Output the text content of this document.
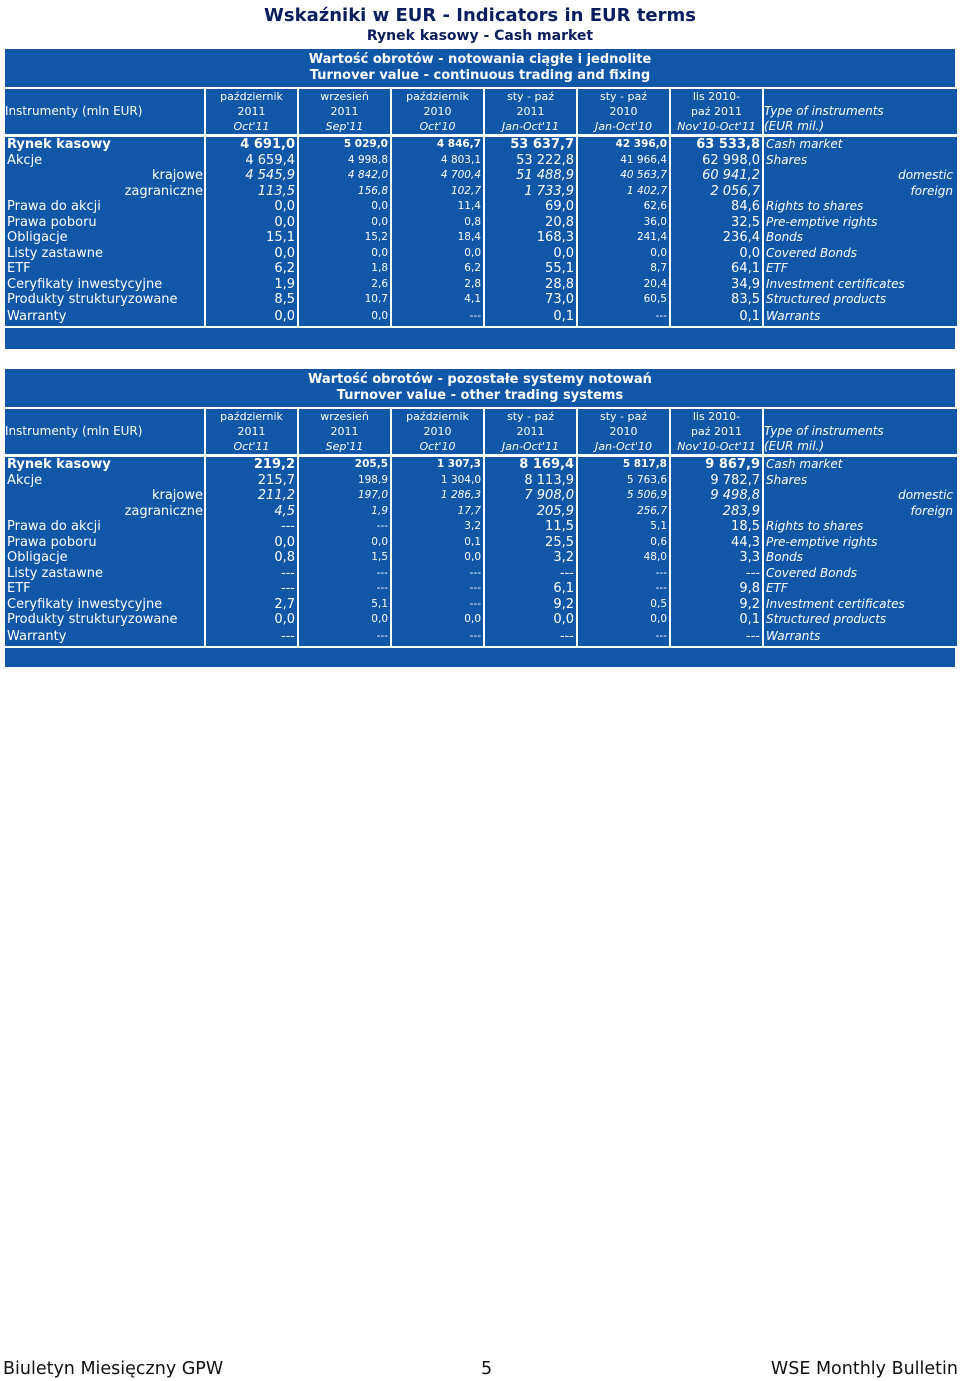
Wskaźniki w EUR - Indicators in EUR terms
Rynek kasowy - Cash market
Wartość obrotów - notowania ciągłe i jednolite
Turnover value - continuous trading and fixing
	październik	wrzesień	październik	sty - paź	sty - paź	lis 2010-	
Instrumenty (mln EUR)	2011	2011	2010	2011	2010	paź 2011	Type of instruments
	Oct'11	Sep'11	Oct'10	Jan-Oct'11	Jan-Oct'10	Nov'10-Oct'11	(EUR mil.)

Rynek kasowy	4 691,0	5 029,0	4 846,7	53 637,7	42 396,0	63 533,8	Cash market
Akcje	4 659,4	4 998,8	4 803,1	53 222,8	41 966,4	62 998,0	Shares
krajowe	4 545,9	4 842,0	4 700,4	51 488,9	40 563,7	60 941,2	domestic
zagraniczne	113,5	156,8	102,7	1 733,9	1 402,7	2 056,7	foreign
Prawa do akcji	0,0	0,0	11,4	69,0	62,6	84,6	Rights to shares
Prawa poboru	0,0	0,0	0,8	20,8	36,0	32,5	Pre-emptive rights
Obligacje	15,1	15,2	18,4	168,3	241,4	236,4	Bonds
Listy zastawne	0,0	0,0	0,0	0,0	0,0	0,0	Covered Bonds
ETF	6,2	1,8	6,2	55,1	8,7	64,1	ETF
Ceryfikaty inwestycyjne	1,9	2,6	2,8	28,8	20,4	34,9	Investment certificates
Produkty strukturyzowane	8,5	10,7	4,1	73,0	60,5	83,5	Structured products
Warranty	0,0	0,0	---	0,1	---	0,1	Warrants
Wartość obrotów - pozostałe systemy notowań
Turnover value - other trading systems
	październik	wrzesień	październik	sty - paź	sty - paź	lis 2010-	
Instrumenty (mln EUR)	2011	2011	2010	2011	2010	paź 2011	Type of instruments
	Oct'11	Sep'11	Oct'10	Jan-Oct'11	Jan-Oct'10	Nov'10-Oct'11	(EUR mil.)

Rynek kasowy	219,2	205,5	1 307,3	8 169,4	5 817,8	9 867,9	Cash market
Akcje	215,7	198,9	1 304,0	8 113,9	5 763,6	9 782,7	Shares
krajowe	211,2	197,0	1 286,3	7 908,0	5 506,9	9 498,8	domestic
zagraniczne	4,5	1,9	17,7	205,9	256,7	283,9	foreign
Prawa do akcji	---	---	3,2	11,5	5,1	18,5	Rights to shares
Prawa poboru	0,0	0,0	0,1	25,5	0,6	44,3	Pre-emptive rights
Obligacje	0,8	1,5	0,0	3,2	48,0	3,3	Bonds
Listy zastawne	---	---	---	---	---	---	Covered Bonds
ETF	---	---	---	6,1	---	9,8	ETF
Ceryfikaty inwestycyjne	2,7	5,1	---	9,2	0,5	9,2	Investment certificates
Produkty strukturyzowane	0,0	0,0	0,0	0,0	0,0	0,1	Structured products
Warranty	---	---	---	---	---	---	Warrants
Biuletyn Miesięczny GPW	5	WSE Monthly Bulletin
